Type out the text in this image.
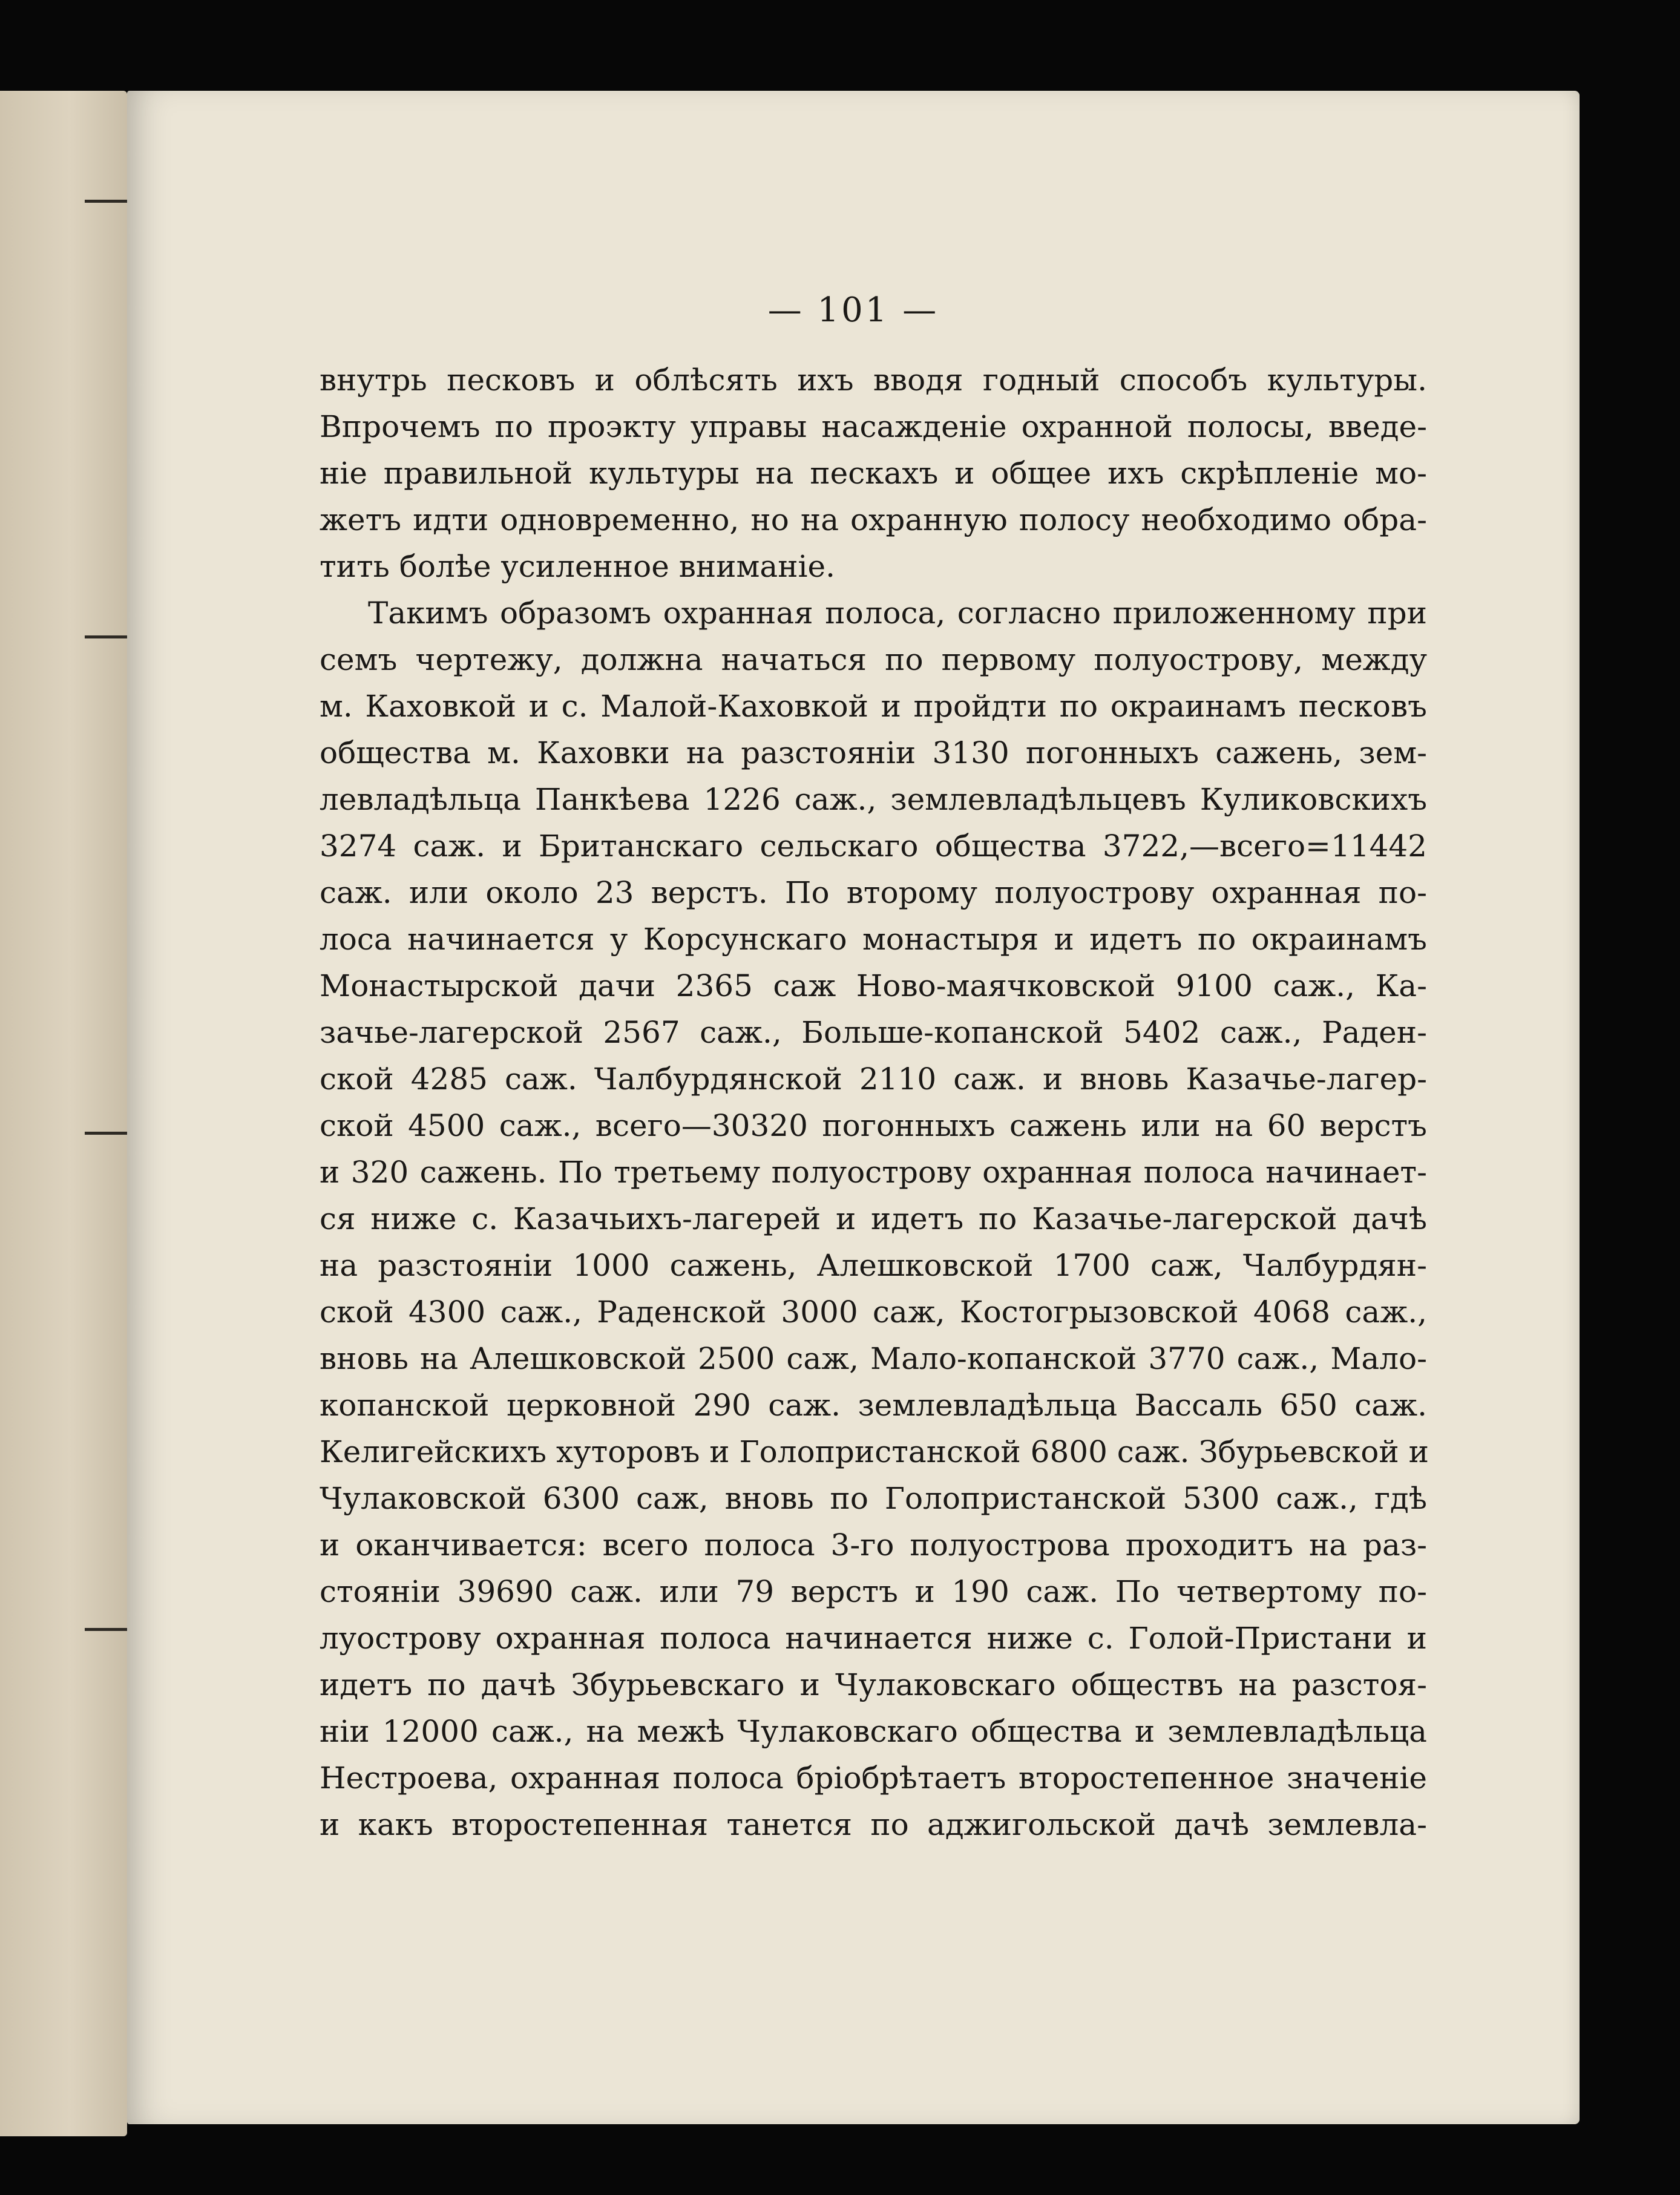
— 101 —
внутрь песковъ и облѣсять ихъ вводя годный способъ культуры.
Впрочемъ по проэкту управы насажденіе охранной полосы, введе-
ніе правильной культуры на пескахъ и общее ихъ скрѣпленіе мо-
жетъ идти одновременно, но на охранную полосу необходимо обра-
тить болѣе усиленное вниманіе.
Такимъ образомъ охранная полоса, согласно приложенному при
семъ чертежу, должна начаться по первому полуострову, между
м. Каховкой и с. Малой-Каховкой и пройдти по окраинамъ песковъ
общества м. Каховки на разстояніи 3130 погонныхъ сажень, зем-
левладѣльца Панкѣева 1226 саж., землевладѣльцевъ Куликовскихъ
3274 саж. и Британскаго сельскаго общества 3722,—всего=11442
саж. или около 23 верстъ. По второму полуострову охранная по-
лоса начинается у Корсунскаго монастыря и идетъ по окраинамъ
Монастырской дачи 2365 саж Ново-маячковской 9100 саж., Ка-
зачье-лагерской 2567 саж., Больше-копанской 5402 саж., Раден-
ской 4285 саж. Чалбурдянской 2110 саж. и вновь Казачье-лагер-
ской 4500 саж., всего—30320 погонныхъ сажень или на 60 верстъ
и 320 сажень. По третьему полуострову охранная полоса начинает-
ся ниже с. Казачьихъ-лагерей и идетъ по Казачье-лагерской дачѣ
на разстояніи 1000 сажень, Алешковской 1700 саж, Чалбурдян-
ской 4300 саж., Раденской 3000 саж, Костогрызовской 4068 саж.,
вновь на Алешковской 2500 саж, Мало-копанской 3770 саж., Мало-
копанской церковной 290 саж. землевладѣльца Вассаль 650 саж.
Келигейскихъ хуторовъ и Голопристанской 6800 саж. Збурьевской и
Чулаковской 6300 саж, вновь по Голопристанской 5300 саж., гдѣ
и оканчивается: всего полоса 3-го полуострова проходитъ на раз-
стояніи 39690 саж. или 79 верстъ и 190 саж. По четвертому по-
луострову охранная полоса начинается ниже с. Голой-Пристани и
идетъ по дачѣ Збурьевскаго и Чулаковскаго обществъ на разстоя-
ніи 12000 саж., на межѣ Чулаковскаго общества и землевладѣльца
Нестроева, охранная полоса бріобрѣтаетъ второстепенное значеніе
и какъ второстепенная танется по аджигольской дачѣ землевла-
